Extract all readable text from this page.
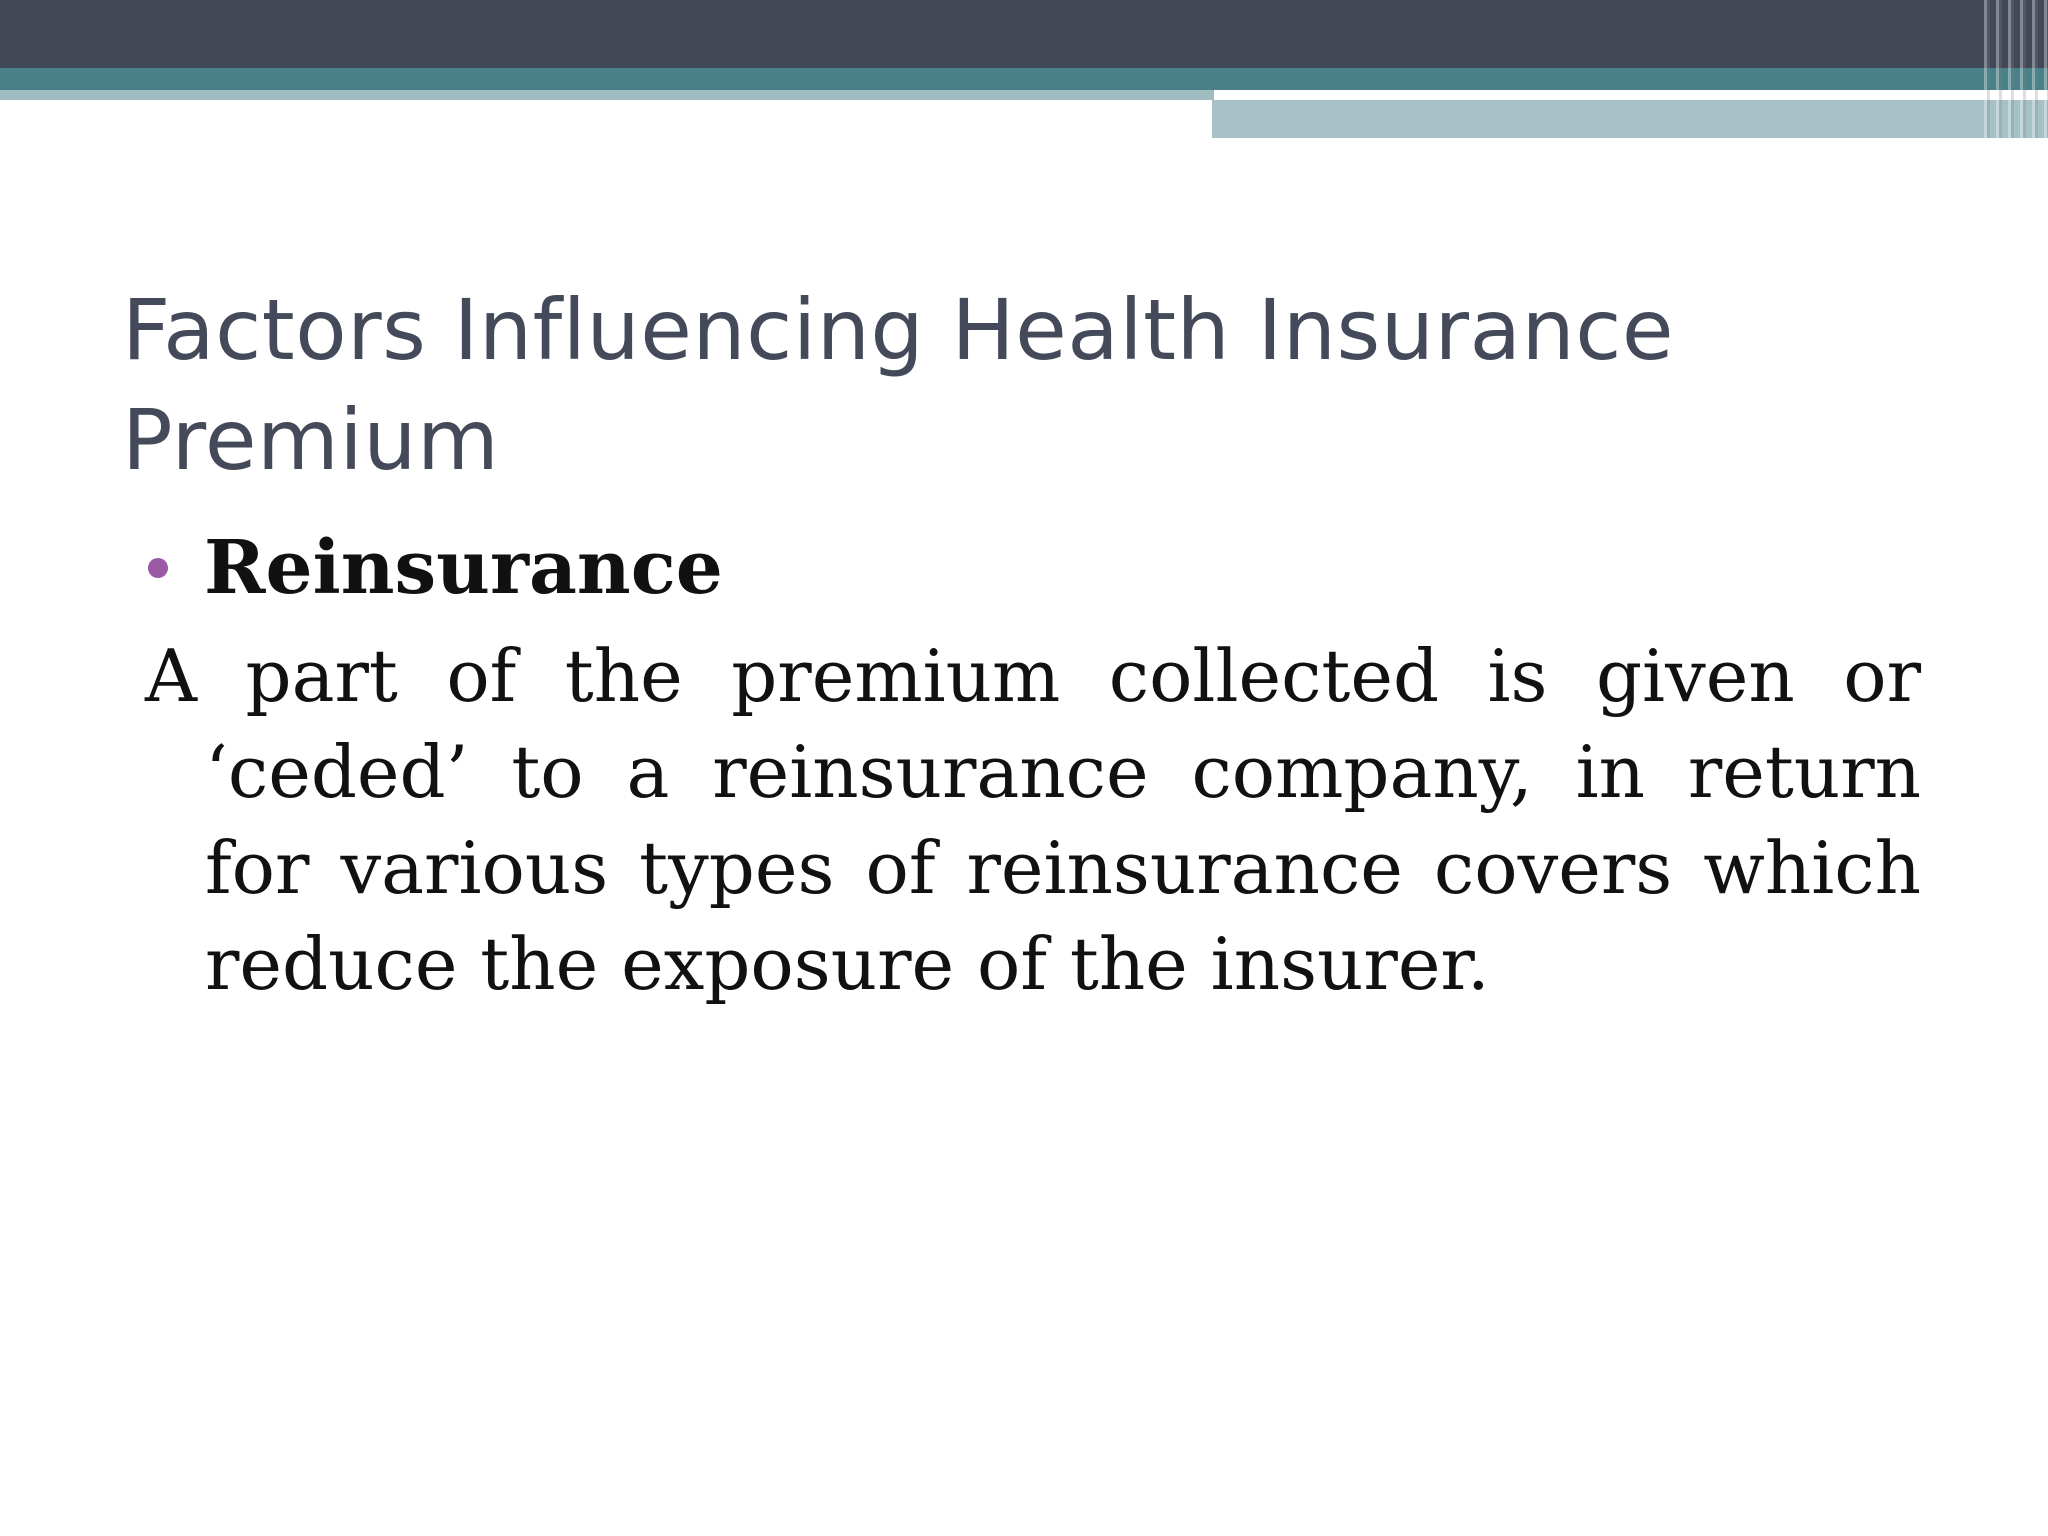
Factors Influencing Health Insurance
Premium
Reinsurance

A part of the premium collected is given or ‘ceded’ to a reinsurance company, in return for various types of reinsurance covers which reduce the exposure of the insurer.
